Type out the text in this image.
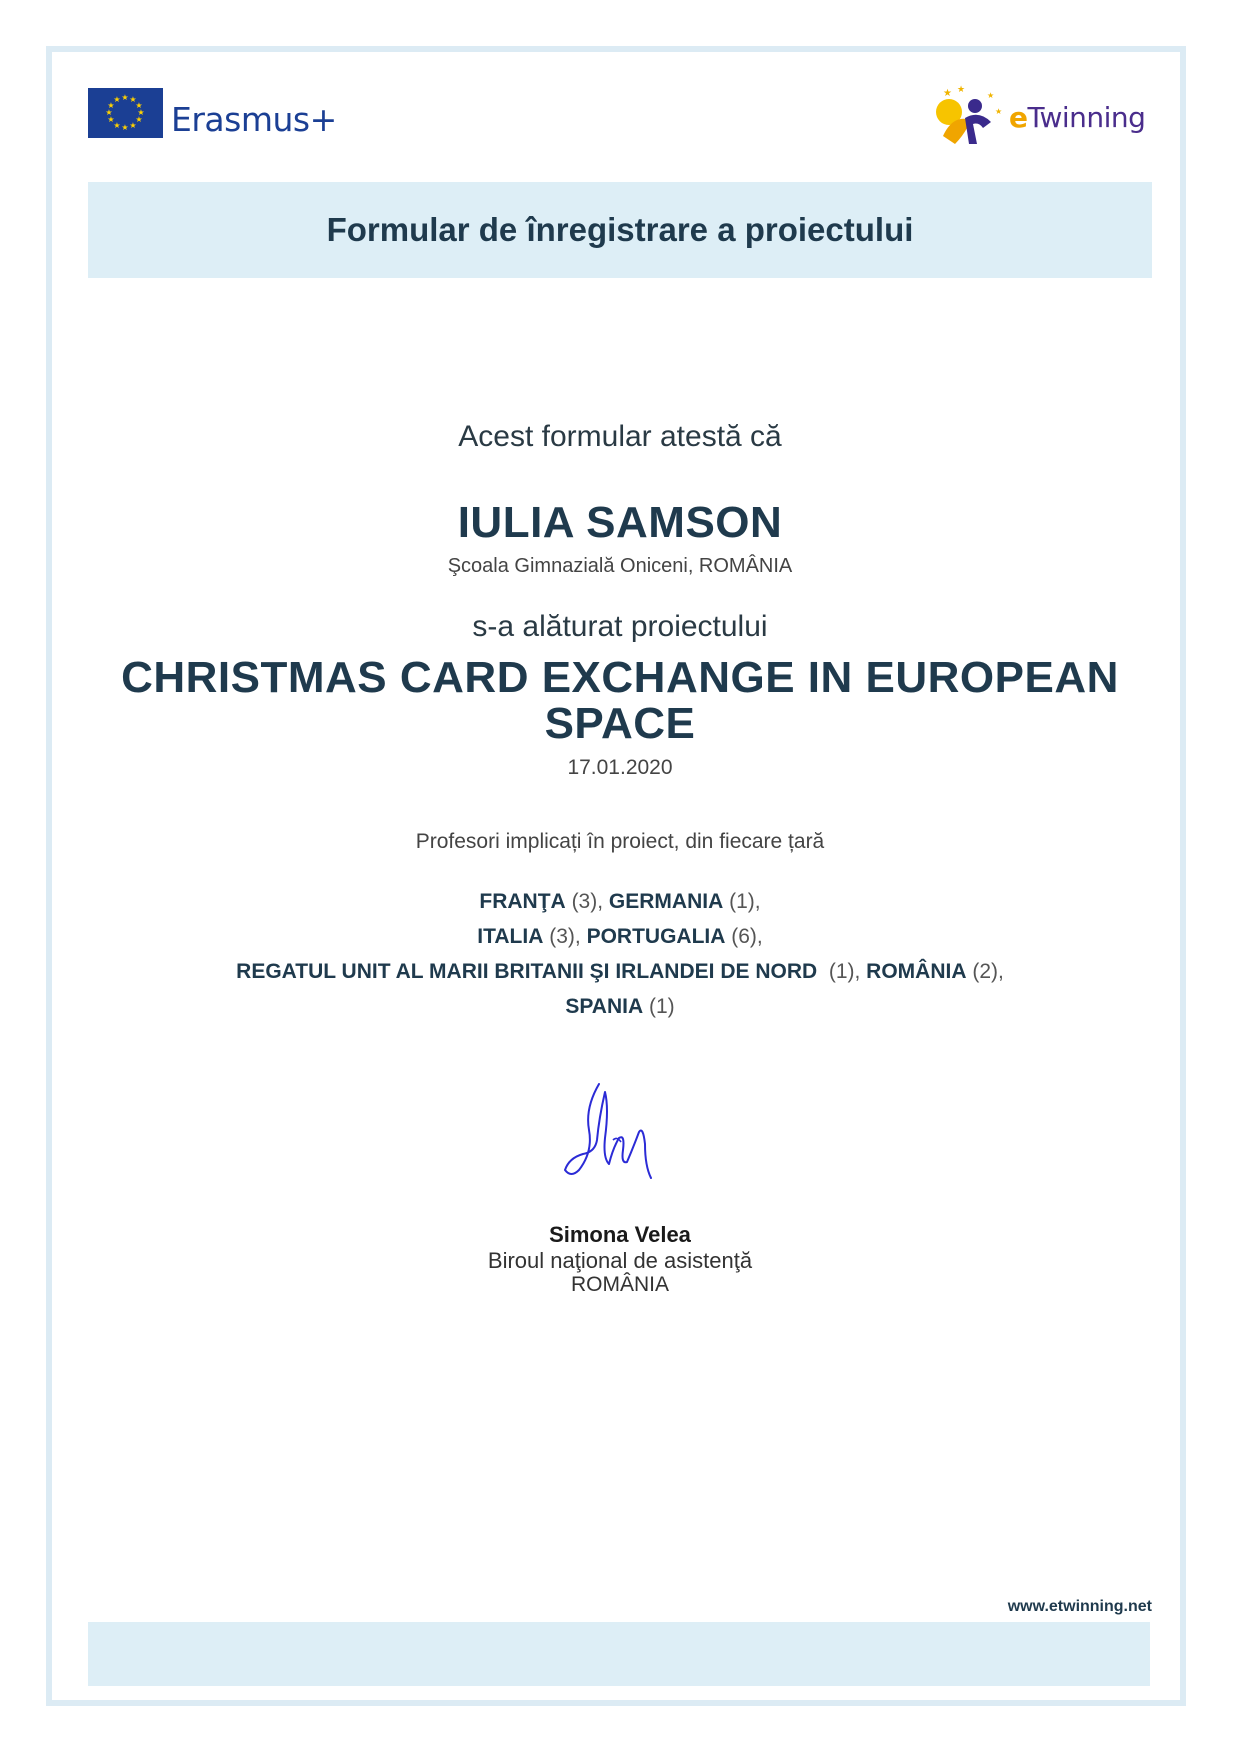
★ ★
★
★
★
★
★
★
★
★
★
★
Erasmus+
★ ★
★
★ eTwinning
Formular de înregistrare a proiectului
Acest formular atestă că
IULIA SAMSON
Şcoala Gimnazială Oniceni, ROMÂNIA
s-a alăturat proiectului
CHRISTMAS CARD EXCHANGE IN EUROPEAN
SPACE
17.01.2020
Profesori implicați în proiect, din fiecare țară
FRANŢA (3), GERMANIA (1),
ITALIA (3), PORTUGALIA (6),
REGATUL UNIT AL MARII BRITANII ŞI IRLANDEI DE NORD (1), ROMÂNIA (2),
SPANIA (1)
Simona Velea
Biroul naţional de asistenţă
ROMÂNIA
www.etwinning.net
